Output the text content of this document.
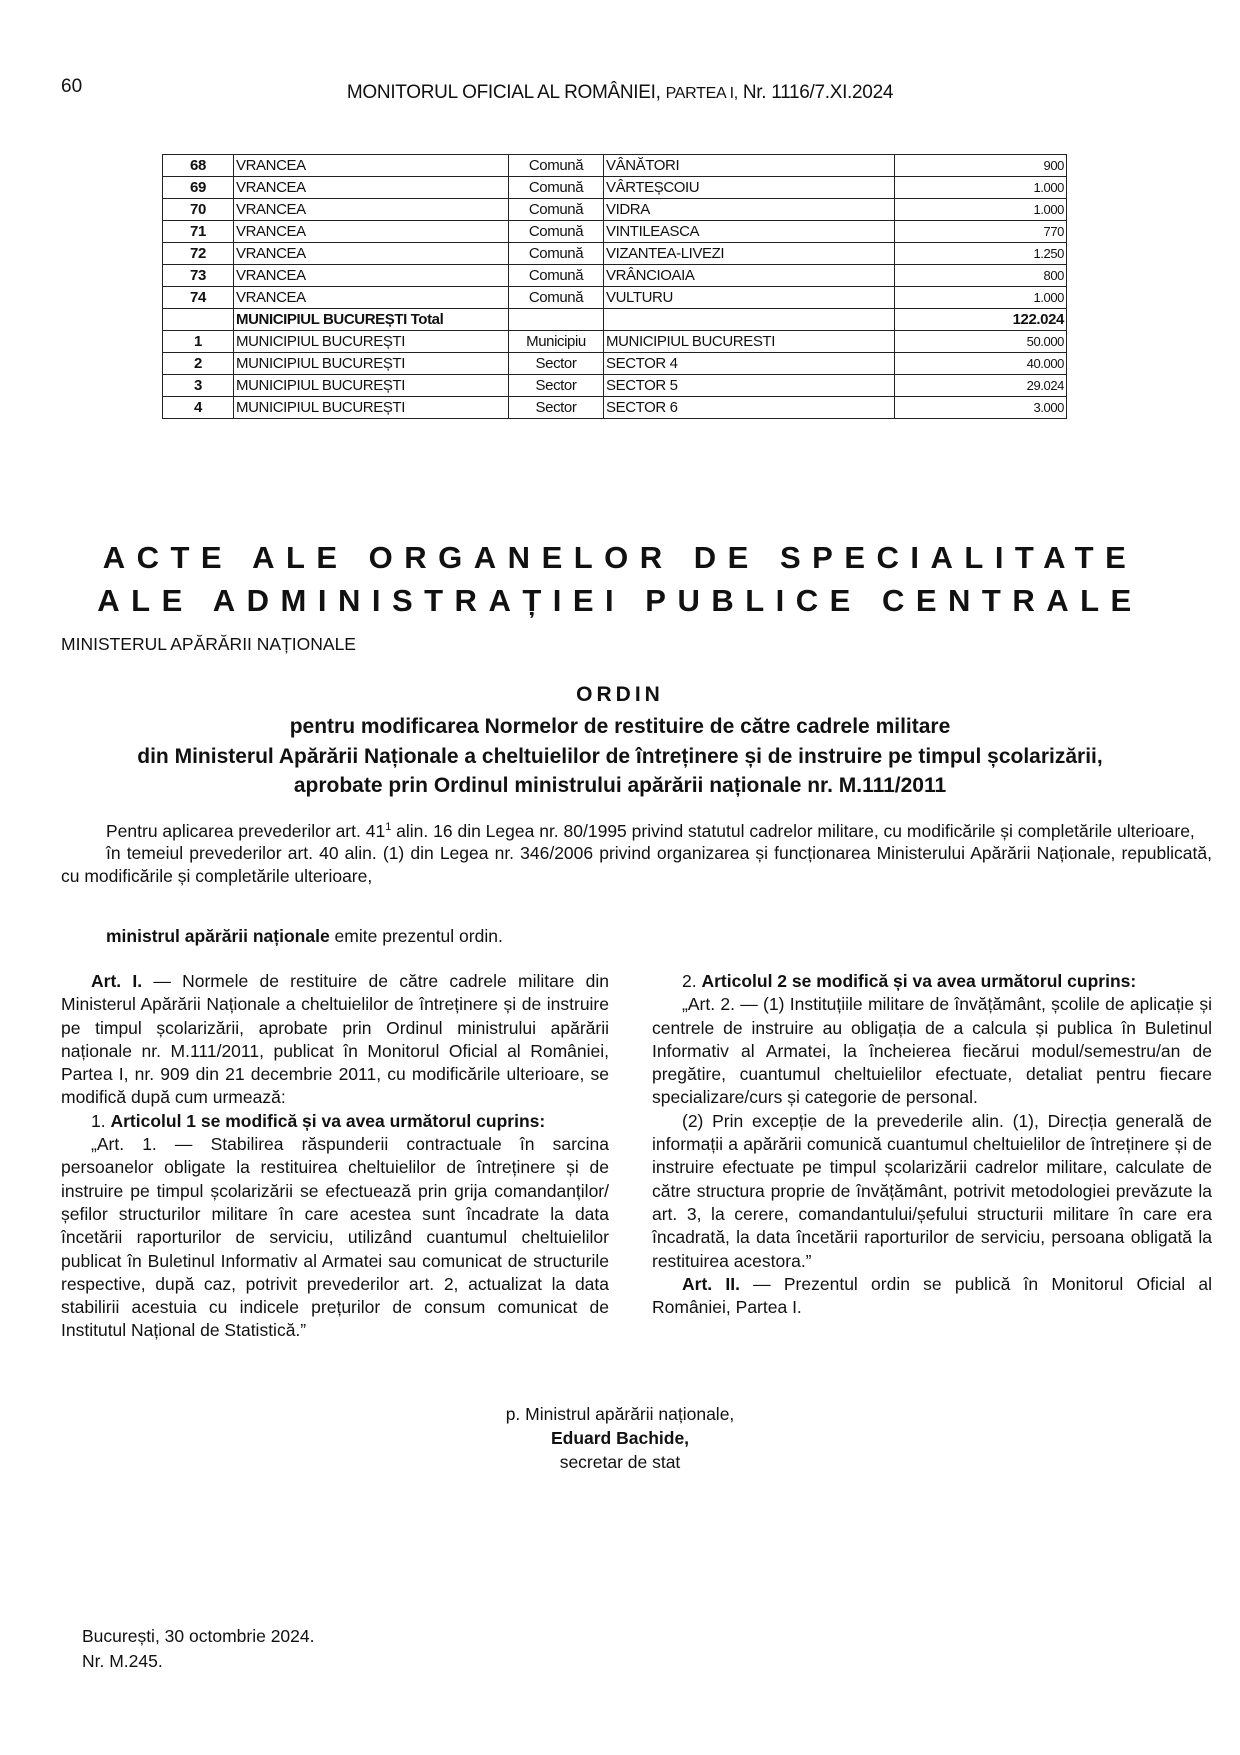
60	MONITORUL OFICIAL AL ROMÂNIEI, PARTEA I, Nr. 1116/7.XI.2024
68	VRANCEA	Comună	VÂNĂTORI	900
69	VRANCEA	Comună	VÂRTEȘCOIU	1.000
70	VRANCEA	Comună	VIDRA	1.000
71	VRANCEA	Comună	VINTILEASCA	770
72	VRANCEA	Comună	VIZANTEA-LIVEZI	1.250
73	VRANCEA	Comună	VRÂNCIOAIA	800
74	VRANCEA	Comună	VULTURU	1.000
	MUNICIPIUL BUCUREȘTI Total			122.024
1	MUNICIPIUL BUCUREȘTI	Municipiu	MUNICIPIUL BUCURESTI	50.000
2	MUNICIPIUL BUCUREȘTI	Sector	SECTOR 4	40.000
3	MUNICIPIUL BUCUREȘTI	Sector	SECTOR 5	29.024
4	MUNICIPIUL BUCUREȘTI	Sector	SECTOR 6	3.000
ACTE ALE ORGANELOR DE SPECIALITATE
ALE ADMINISTRAȚIEI PUBLICE CENTRALE
MINISTERUL APĂRĂRII NAȚIONALE
ORDIN
pentru modificarea Normelor de restituire de către cadrele militare
din Ministerul Apărării Naționale a cheltuielilor de întreținere și de instruire pe timpul școlarizării,
aprobate prin Ordinul ministrului apărării naționale nr. M.111/2011

Pentru aplicarea prevederilor art. $41^1$ alin. 16 din Legea nr. 80/1995 privind statutul cadrelor militare, cu modificările și completările ulterioare,

în temeiul prevederilor art. 40 alin. (1) din Legea nr. 346/2006 privind organizarea și funcționarea Ministerului Apărării Naționale, republicată, cu modificările și completările ulterioare,

ministrul apărării naționale emite prezentul ordin.

Art. I. — Normele de restituire de către cadrele militare din Ministerul Apărării Naționale a cheltuielilor de întreținere și de instruire pe timpul școlarizării, aprobate prin Ordinul ministrului apărării naționale nr. M.111/2011, publicat în Monitorul Oficial al României, Partea I, nr. 909 din 21 decembrie 2011, cu modificările ulterioare, se modifică după cum urmează:

1. Articolul 1 se modifică și va avea următorul cuprins:

„Art. 1. — Stabilirea răspunderii contractuale în sarcina persoanelor obligate la restituirea cheltuielilor de întreținere și de instruire pe timpul școlarizării se efectuează prin grija comandanților/șefilor structurilor militare în care acestea sunt încadrate la data încetării raporturilor de serviciu, utilizând cuantumul cheltuielilor publicat în Buletinul Informativ al Armatei sau comunicat de structurile respective, după caz, potrivit prevederilor art. 2, actualizat la data stabilirii acestuia cu indicele prețurilor de consum comunicat de Institutul Național de Statistică.”

2. Articolul 2 se modifică și va avea următorul cuprins:

„Art. 2. — (1) Instituțiile militare de învățământ, școlile de aplicație și centrele de instruire au obligația de a calcula și publica în Buletinul Informativ al Armatei, la încheierea fiecărui modul/semestru/an de pregătire, cuantumul cheltuielilor efectuate, detaliat pentru fiecare specializare/curs și categorie de personal.

(2) Prin excepție de la prevederile alin. (1), Direcția generală de informații a apărării comunică cuantumul cheltuielilor de întreținere și de instruire efectuate pe timpul școlarizării cadrelor militare, calculate de către structura proprie de învățământ, potrivit metodologiei prevăzute la art. 3, la cerere, comandantului/șefului structurii militare în care era încadrată, la data încetării raporturilor de serviciu, persoana obligată la restituirea acestora.”

Art. II. — Prezentul ordin se publică în Monitorul Oficial al României, Partea I.

p. Ministrul apărării naționale,
Eduard Bachide,
secretar de stat
București, 30 octombrie 2024.
Nr. M.245.
